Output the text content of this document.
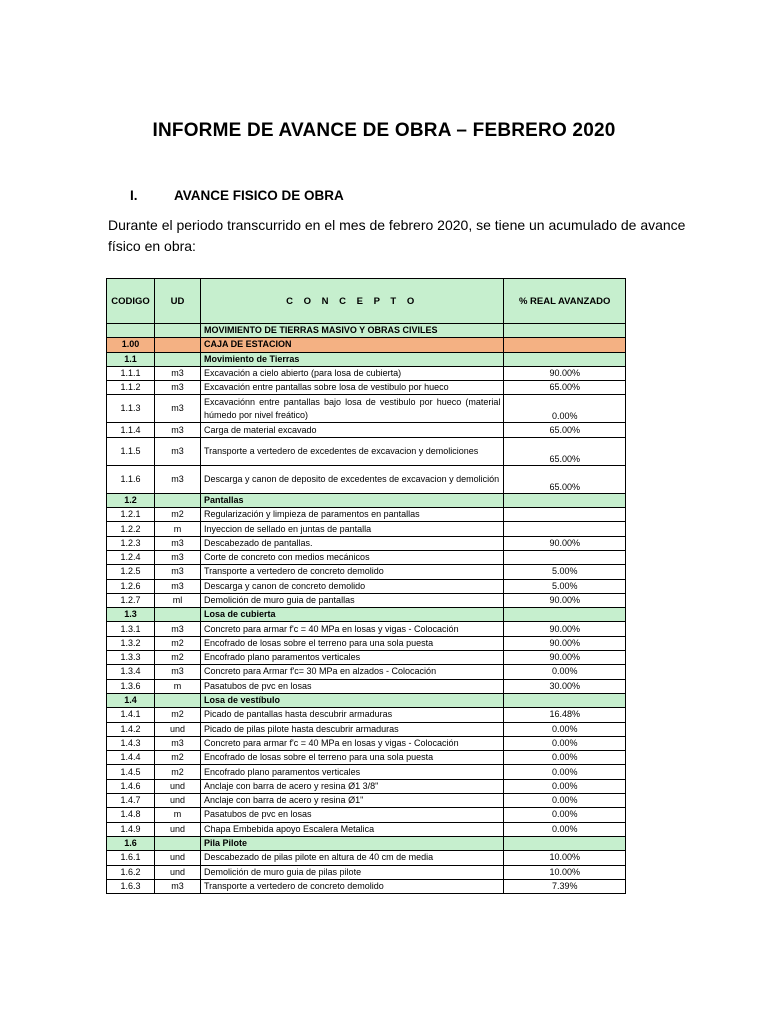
INFORME DE AVANCE DE OBRA – FEBRERO 2020
I.	AVANCE FISICO DE OBRA
Durante el periodo transcurrido en el mes de febrero 2020, se tiene un acumulado de avance físico en obra:
CODIGO	UD	C O N C E P T O	% REAL AVANZADO
		MOVIMIENTO DE TIERRAS MASIVO Y OBRAS CIVILES	
1.00		CAJA DE ESTACION	
1.1		Movimiento de Tierras	
1.1.1	m3	Excavación a cielo abierto (para losa de cubierta)	90.00%
1.1.2	m3	Excavación entre pantallas sobre losa de vestibulo por hueco	65.00%
1.1.3	m3	Excavaciónn entre pantallas bajo losa de vestibulo por hueco (material húmedo por nivel freático)	0.00%
1.1.4	m3	Carga de material excavado	65.00%
1.1.5	m3	Transporte a vertedero de excedentes de excavacion y demoliciones	65.00%
1.1.6	m3	Descarga y canon de deposito de excedentes de excavacion y demolición	65.00%
1.2		Pantallas	
1.2.1	m2	Regularización y limpieza de paramentos en pantallas	
1.2.2	m	Inyeccion de sellado en juntas de pantalla	
1.2.3	m3	Descabezado de pantallas.	90.00%
1.2.4	m3	Corte de concreto con medios mecánicos	
1.2.5	m3	Transporte a vertedero de concreto demolido	5.00%
1.2.6	m3	Descarga y canon de concreto demolido	5.00%
1.2.7	ml	Demolición de muro guia de pantallas	90.00%
1.3		Losa de cubierta	
1.3.1	m3	Concreto para armar f'c = 40 MPa en losas y vigas - Colocación	90.00%
1.3.2	m2	Encofrado de losas sobre el terreno para una sola puesta	90.00%
1.3.3	m2	Encofrado plano paramentos verticales	90.00%
1.3.4	m3	Concreto para Armar f'c= 30 MPa en alzados - Colocación	0.00%
1.3.6	m	Pasatubos de pvc en losas	30.00%
1.4		Losa de vestíbulo	
1.4.1	m2	Picado de pantallas hasta descubrir armaduras	16.48%
1.4.2	und	Picado de pilas pilote hasta descubrir armaduras	0.00%
1.4.3	m3	Concreto para armar f'c = 40 MPa en losas y vigas - Colocación	0.00%
1.4.4	m2	Encofrado de losas sobre el terreno para una sola puesta	0.00%
1.4.5	m2	Encofrado plano paramentos verticales	0.00%
1.4.6	und	Anclaje con barra de acero y resina Ø1 3/8"	0.00%
1.4.7	und	Anclaje con barra de acero y resina Ø1"	0.00%
1.4.8	m	Pasatubos de pvc en losas	0.00%
1.4.9	und	Chapa Embebida apoyo Escalera Metalica	0.00%
1.6		Pila Pilote	
1.6.1	und	Descabezado de pilas pilote en altura de 40 cm de media	10.00%
1.6.2	und	Demolición de muro guia de pilas pilote	10.00%
1.6.3	m3	Transporte a vertedero de concreto demolido	7.39%
